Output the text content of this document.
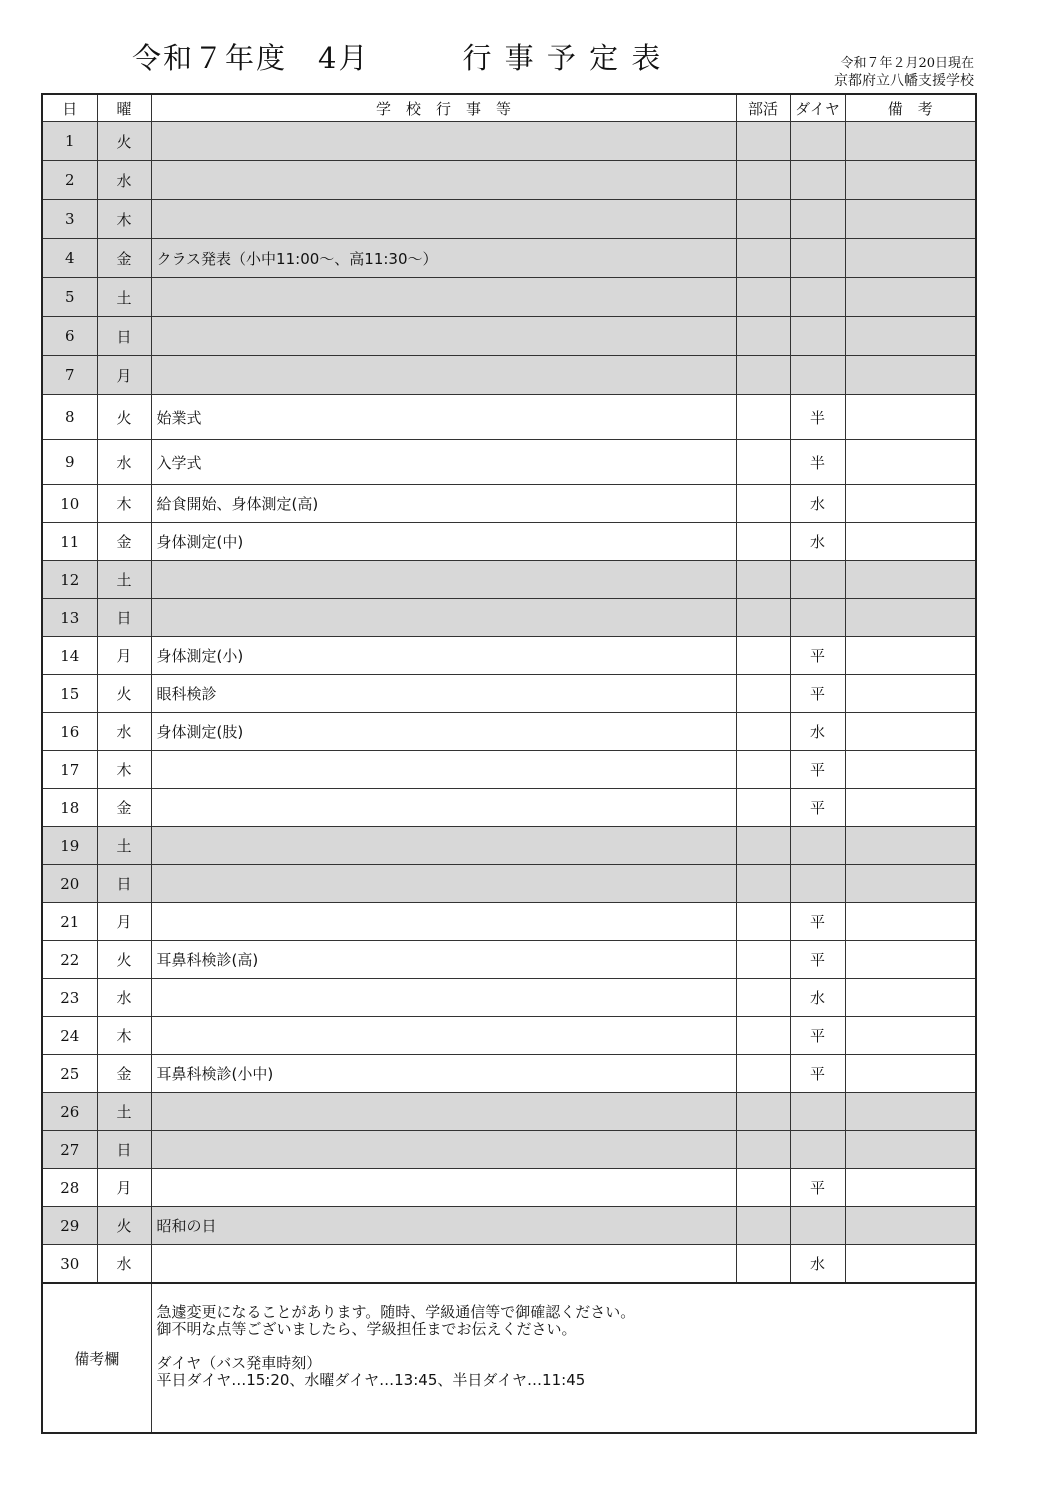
令和７年度　4月　　　行 事 予 定 表	令和７年２月20日現在
京都府立八幡支援学校
日	曜	学　校　行　事　等	部活	ダイヤ	備　考
1	火				
2	水				
3	木				
4	金	クラス発表（小中11:00～、高11:30～）			
5	土				
6	日				
7	月				
8	火	始業式		半	
9	水	入学式		半	
10	木	給食開始、身体測定(高)		水	
11	金	身体測定(中)		水	
12	土				
13	日				
14	月	身体測定(小)		平	
15	火	眼科検診		平	
16	水	身体測定(肢)		水	
17	木			平	
18	金			平	
19	土				
20	日				
21	月			平	
22	火	耳鼻科検診(高)		平	
23	水			水	
24	木			平	
25	金	耳鼻科検診(小中)		平	
26	土				
27	日				
28	月			平	
29	火	昭和の日			
30	水			水	
備考欄		急遽変更になることがあります。随時、学級通信等で御確認ください。
御不明な点等ございましたら、学級担任までお伝えください。
ダイヤ（バス発車時刻）
平日ダイヤ…15:20、水曜ダイヤ…13:45、半日ダイヤ…11:45			
